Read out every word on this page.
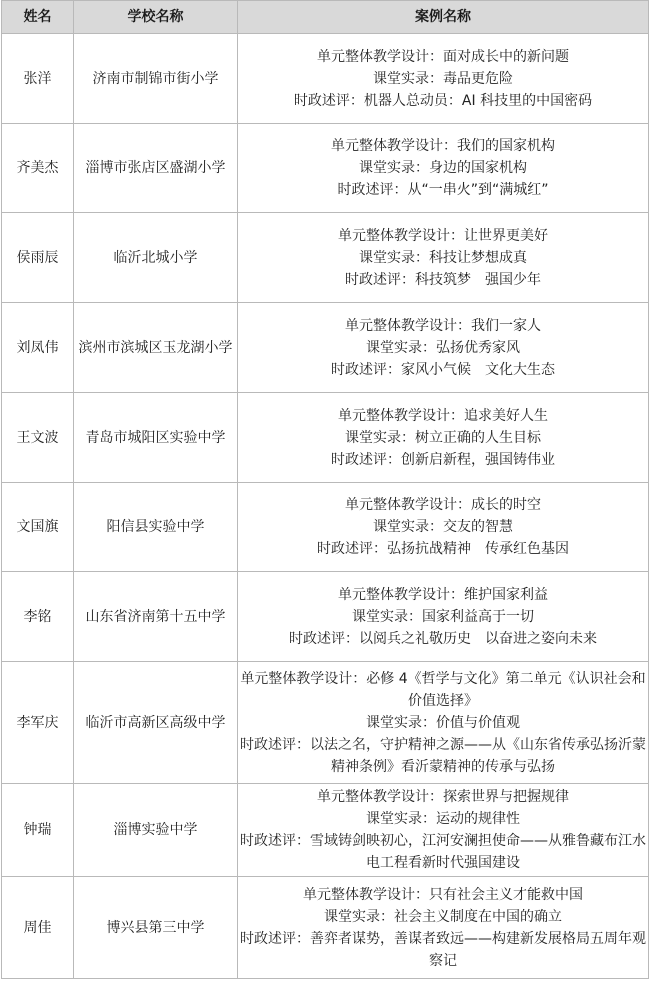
姓名	学校名称	案例名称
张洋	济南市制锦市街小学	单元整体教学设计：面对成长中的新问题
课堂实录：毒品更危险
时政述评：机器人总动员：AI 科技里的中国密码

齐美杰	淄博市张店区盛湖小学	单元整体教学设计：我们的国家机构
课堂实录：身边的国家机构
时政述评：从“一串火”到“满城红”

侯雨辰	临沂北城小学	单元整体教学设计：让世界更美好
课堂实录：科技让梦想成真
时政述评：科技筑梦　强国少年

刘凤伟	滨州市滨城区玉龙湖小学	单元整体教学设计：我们一家人
课堂实录：弘扬优秀家风
时政述评：家风小气候　文化大生态

王文波	青岛市城阳区实验中学	单元整体教学设计：追求美好人生
课堂实录：树立正确的人生目标
时政述评：创新启新程，强国铸伟业

文国旗	阳信县实验中学	单元整体教学设计：成长的时空
课堂实录：交友的智慧
时政述评：弘扬抗战精神　传承红色基因

李铭	山东省济南第十五中学	单元整体教学设计：维护国家利益
课堂实录：国家利益高于一切
时政述评：以阅兵之礼敬历史　以奋进之姿向未来

李军庆	临沂市高新区高级中学	单元整体教学设计：必修 4《哲学与文化》第二单元《认识社会和价值选择》
课堂实录：价值与价值观
时政述评：以法之名，守护精神之源——从《山东省传承弘扬沂蒙精神条例》看沂蒙精神的传承与弘扬

钟瑞	淄博实验中学	单元整体教学设计：探索世界与把握规律
课堂实录：运动的规律性
时政述评：雪域铸剑映初心，江河安澜担使命——从雅鲁藏布江水电工程看新时代强国建设

周佳	博兴县第三中学	单元整体教学设计：只有社会主义才能救中国
课堂实录：社会主义制度在中国的确立
时政述评：善弈者谋势，善谋者致远——构建新发展格局五周年观察记
